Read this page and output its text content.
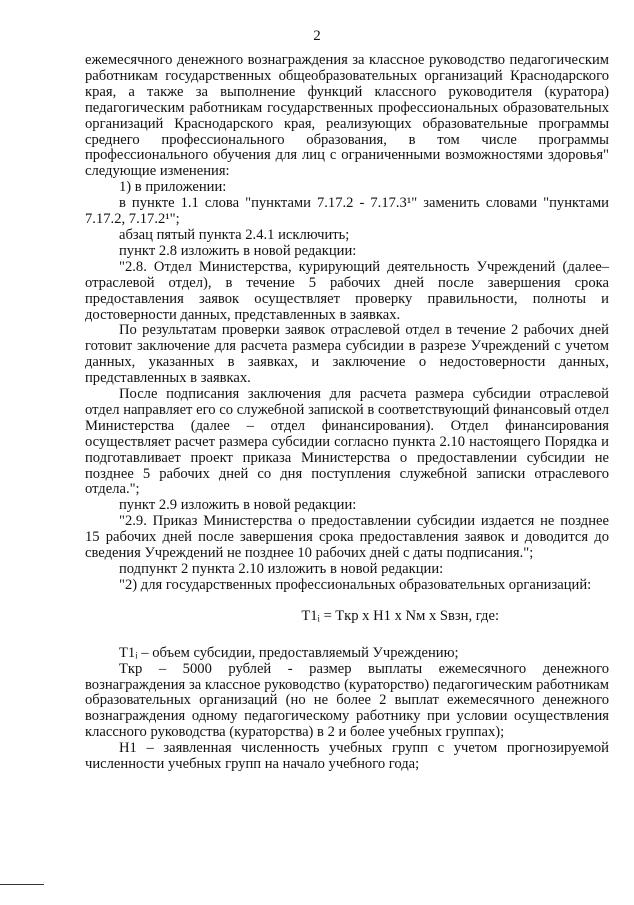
2

ежемесячного денежного вознаграждения за классное руководство педагогическим работникам государственных общеобразовательных организаций Краснодарского края, а также за выполнение функций классного руководителя (куратора) педагогическим работникам государственных профессиональных образовательных организаций Краснодарского края, реализующих образовательные программы среднего профессионального образования, в том числе программы профессионального обучения для лиц с ограниченными возможностями здоровья" следующие изменения:

1) в приложении:

в пункте 1.1 слова "пунктами 7.17.2 - 7.17.3¹" заменить словами "пунктами 7.17.2, 7.17.2¹";

абзац пятый пункта 2.4.1 исключить;

пункт 2.8 изложить в новой редакции:

"2.8. Отдел Министерства, курирующий деятельность Учреждений (далее– отраслевой отдел), в течение 5 рабочих дней после завершения срока предоставления заявок осуществляет проверку правильности, полноты и достоверности данных, представленных в заявках.

По результатам проверки заявок отраслевой отдел в течение 2 рабочих дней готовит заключение для расчета размера субсидии в разрезе Учреждений с учетом данных, указанных в заявках, и заключение о недостоверности данных, представленных в заявках.

После подписания заключения для расчета размера субсидии отраслевой отдел направляет его со служебной запиской в соответствующий финансовый отдел Министерства (далее – отдел финансирования). Отдел финансирования осуществляет расчет размера субсидии согласно пункта 2.10 настоящего Порядка и подготавливает проект приказа Министерства о предоставлении субсидии не позднее 5 рабочих дней со дня поступления служебной записки отраслевого отдела.";

пункт 2.9 изложить в новой редакции:

"2.9. Приказ Министерства о предоставлении субсидии издается не позднее 15 рабочих дней после завершения срока предоставления заявок и доводится до сведения Учреждений не позднее 10 рабочих дней с даты подписания.";

подпункт 2 пункта 2.10 изложить в новой редакции:

"2) для государственных профессиональных образовательных организаций:

T1ᵢ = Tкр x H1 x Nм x Sвзн, где:

T1ᵢ – объем субсидии, предоставляемый Учреждению;

Tкр – 5000 рублей - размер выплаты ежемесячного денежного вознаграждения за классное руководство (кураторство) педагогическим работникам образовательных организаций (но не более 2 выплат ежемесячного денежного вознаграждения одному педагогическому работнику при условии осуществления классного руководства (кураторства) в 2 и более учебных группах);

H1 – заявленная численность учебных групп с учетом прогнозируемой численности учебных групп на начало учебного года;
